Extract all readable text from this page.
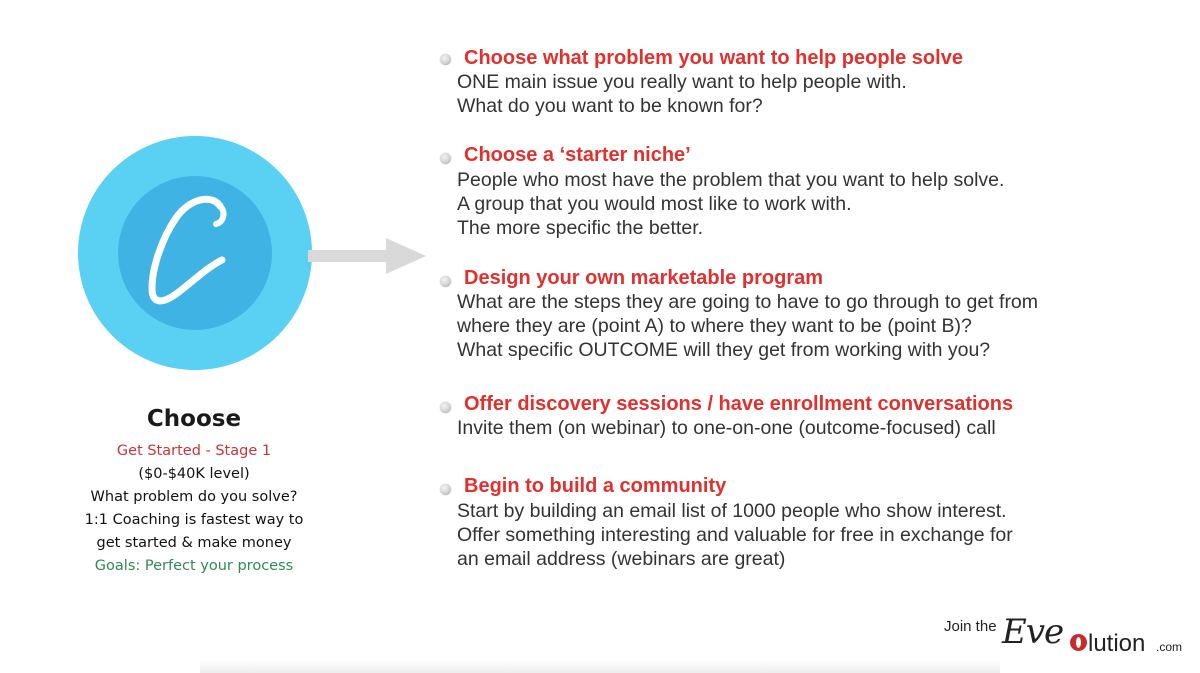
Choose
Get Started - Stage 1
($0-$40K level)
What problem do you solve?
1:1 Coaching is fastest way to
get started & make money
Goals: Perfect your process
Choose what problem you want to help people solve
ONE main issue you really want to help people with.
What do you want to be known for?
Choose a ‘starter niche’
People who most have the problem that you want to help solve.
A group that you would most like to work with.
The more specific the better.
Design your own marketable program
What are the steps they are going to have to go through to get from
where they are (point A) to where they want to be (point B)?
What specific OUTCOME will they get from working with you?
Offer discovery sessions / have enrollment conversations
Invite them (on webinar) to one-on-one (outcome-focused) call
Begin to build a community
Start by building an email list of 1000 people who show interest.
Offer something interesting and valuable for free in exchange for
an email address (webinars are great)
Join the Eve lution .com
